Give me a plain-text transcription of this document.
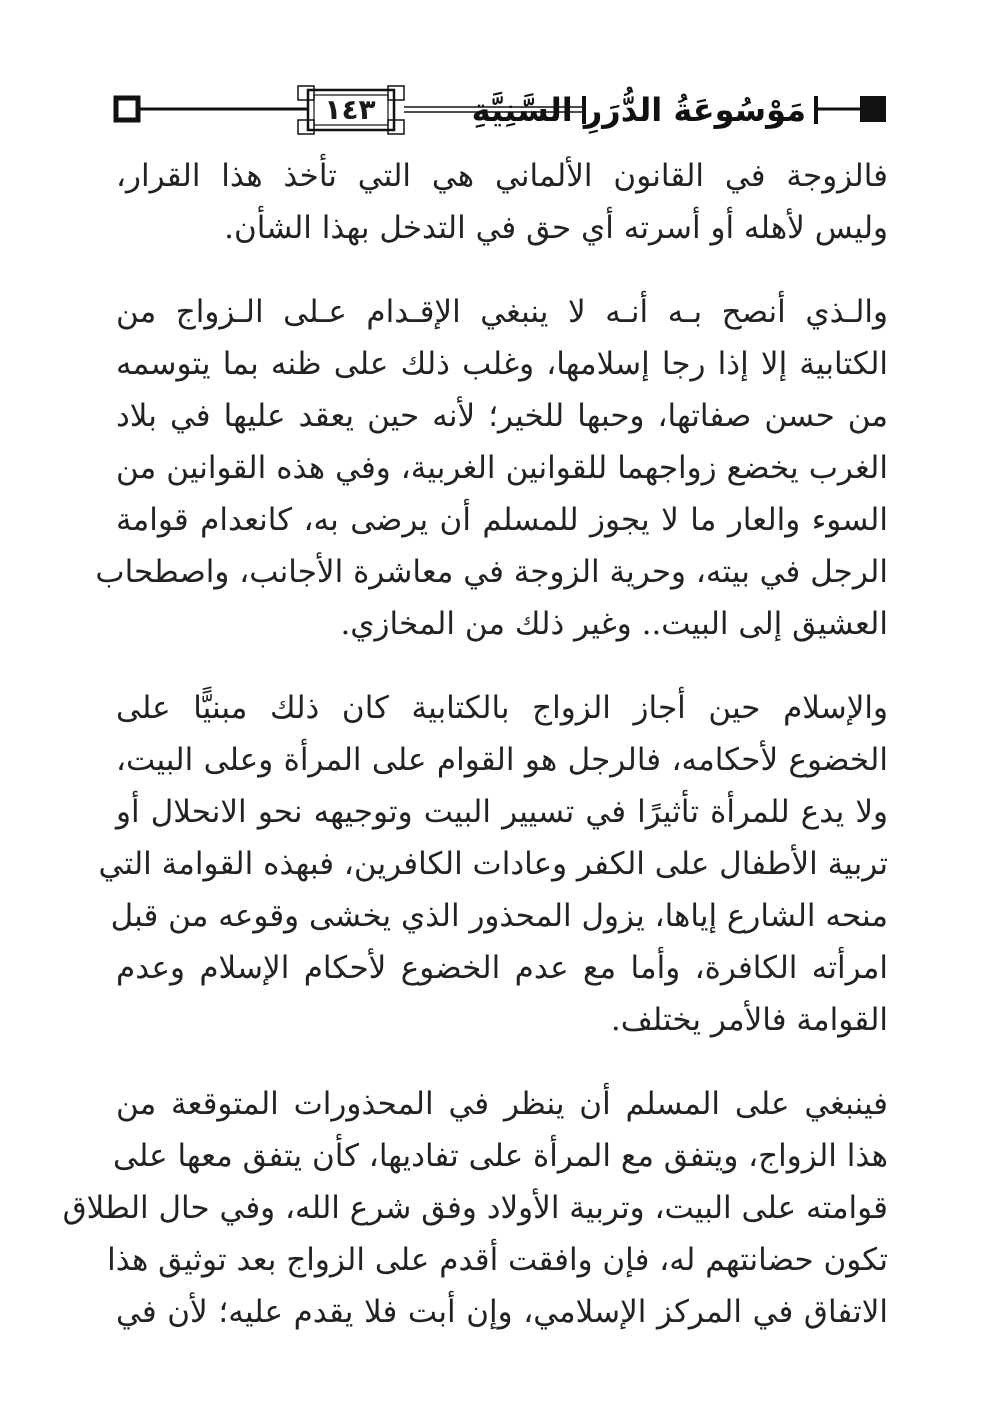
١٤٣	مَوْسُوعَةُ الدُّرَرِ السَّنِيَّةِ
فالزوجة في القانون الألماني هي التي تأخذ هذا القرار،
وليس لأهله أو أسرته أي حق في التدخل بهذا الشأن.
والـذي أنصح بـه أنـه لا ينبغي الإقـدام عـلى الـزواج من
الكتابية إلا إذا رجا إسلامها، وغلب ذلك على ظنه بما يتوسمه
من حسن صفاتها، وحبها للخير؛ لأنه حين يعقد عليها في بلاد
الغرب يخضع زواجهما للقوانين الغربية، وفي هذه القوانين من
السوء والعار ما لا يجوز للمسلم أن يرضى به، كانعدام قوامة
الرجل في بيته، وحرية الزوجة في معاشرة الأجانب، واصطحاب
العشيق إلى البيت.. وغير ذلك من المخازي.
والإسلام حين أجاز الزواج بالكتابية كان ذلك مبنيًّا على
الخضوع لأحكامه، فالرجل هو القوام على المرأة وعلى البيت،
ولا يدع للمرأة تأثيرًا في تسيير البيت وتوجيهه نحو الانحلال أو
تربية الأطفال على الكفر وعادات الكافرين، فبهذه القوامة التي
منحه الشارع إياها، يزول المحذور الذي يخشى وقوعه من قبل
امرأته الكافرة، وأما مع عدم الخضوع لأحكام الإسلام وعدم
القوامة فالأمر يختلف.
فينبغي على المسلم أن ينظر في المحذورات المتوقعة من
هذا الزواج، ويتفق مع المرأة على تفاديها، كأن يتفق معها على
قوامته على البيت، وتربية الأولاد وفق شرع الله، وفي حال الطلاق
تكون حضانتهم له، فإن وافقت أقدم على الزواج بعد توثيق هذا
الاتفاق في المركز الإسلامي، وإن أبت فلا يقدم عليه؛ لأن في
